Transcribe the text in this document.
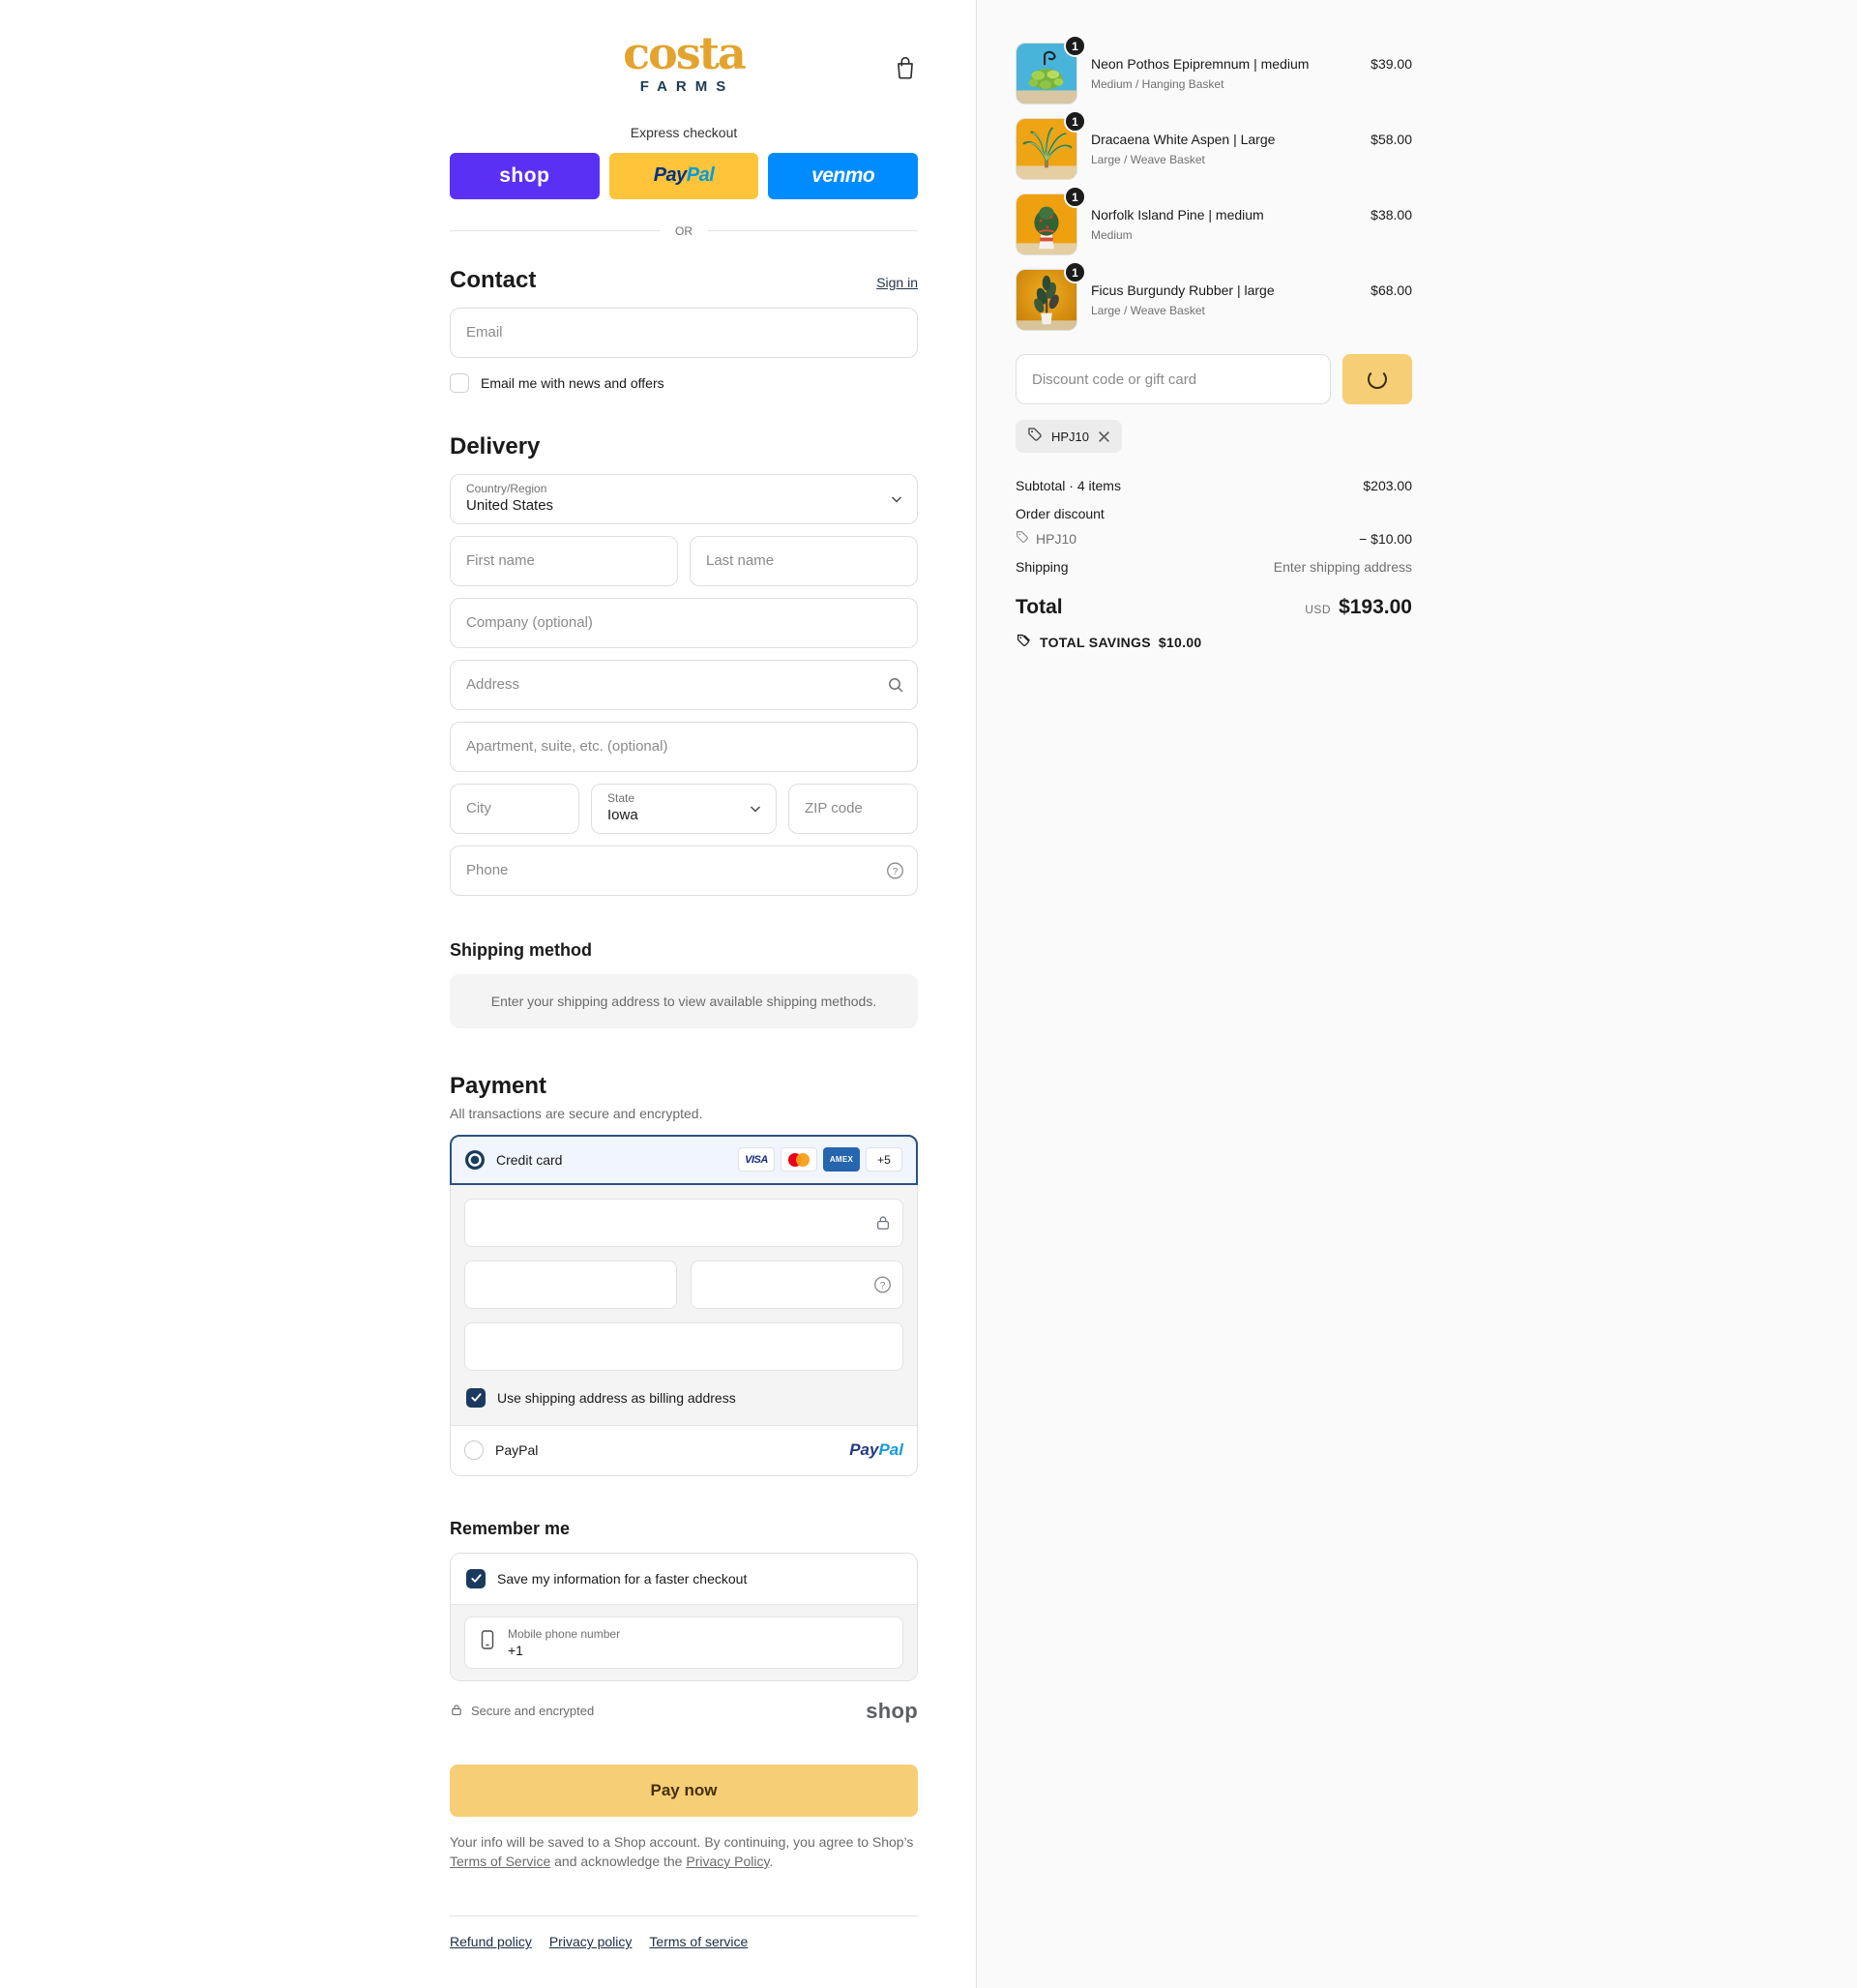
costa
FARMS
Express checkout
shop	PayPal	venmo
OR
Contact	Sign in
Email
Email me with news and offers
Delivery
Country/Region
United States
First name
Last name
Company (optional)
Address
Apartment, suite, etc. (optional)
City
State
Iowa
ZIP code
Phone
?
Shipping method
Enter your shipping address to view available shipping methods.
Payment
All transactions are secure and encrypted.
Credit card	VISA	AMEX	+5
?
Use shipping address as billing address
PayPal	PayPal
Remember me
Save my information for a faster checkout
Mobile phone number
+1
Secure and encrypted	shop
Pay now

Your info will be saved to a Shop account. By continuing, you agree to Shop’s Terms of Service and acknowledge the Privacy Policy.

Refund policy Privacy policy Terms of service
1
Neon Pothos Epipremnum | medium
Medium / Hanging Basket
$39.00
1
Dracaena White Aspen | Large
Large / Weave Basket
$58.00
1
Norfolk Island Pine | medium
Medium
$38.00
1
Ficus Burgundy Rubber | large
Large / Weave Basket
$68.00
Discount code or gift card
HPJ10
Subtotal · 4 items	$203.00
Order discount
HPJ10	− $10.00
Shipping	Enter shipping address
Total	USD $193.00
TOTAL SAVINGS $10.00
